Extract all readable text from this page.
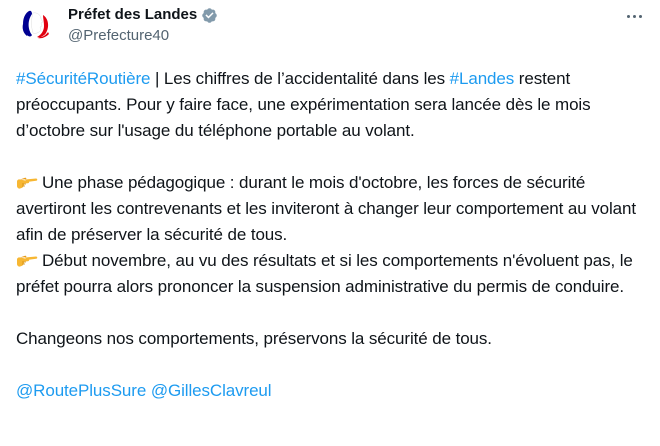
Préfet des Landes
@Prefecture40

#SécuritéRoutière | Les chiffres de l’accidentalité dans les #Landes restent préoccupants. Pour y faire face, une expérimentation sera lancée dès le mois d’octobre sur l'usage du téléphone portable au volant.

Une phase pédagogique : durant le mois d'octobre, les forces de sécurité avertiront les contrevenants et les inviteront à changer leur comportement au volant afin de préserver la sécurité de tous.

Début novembre, au vu des résultats et si les comportements n'évoluent pas, le préfet pourra alors prononcer la suspension administrative du permis de conduire.

Changeons nos comportements, préservons la sécurité de tous.

@RoutePlusSure @GillesClavreul
